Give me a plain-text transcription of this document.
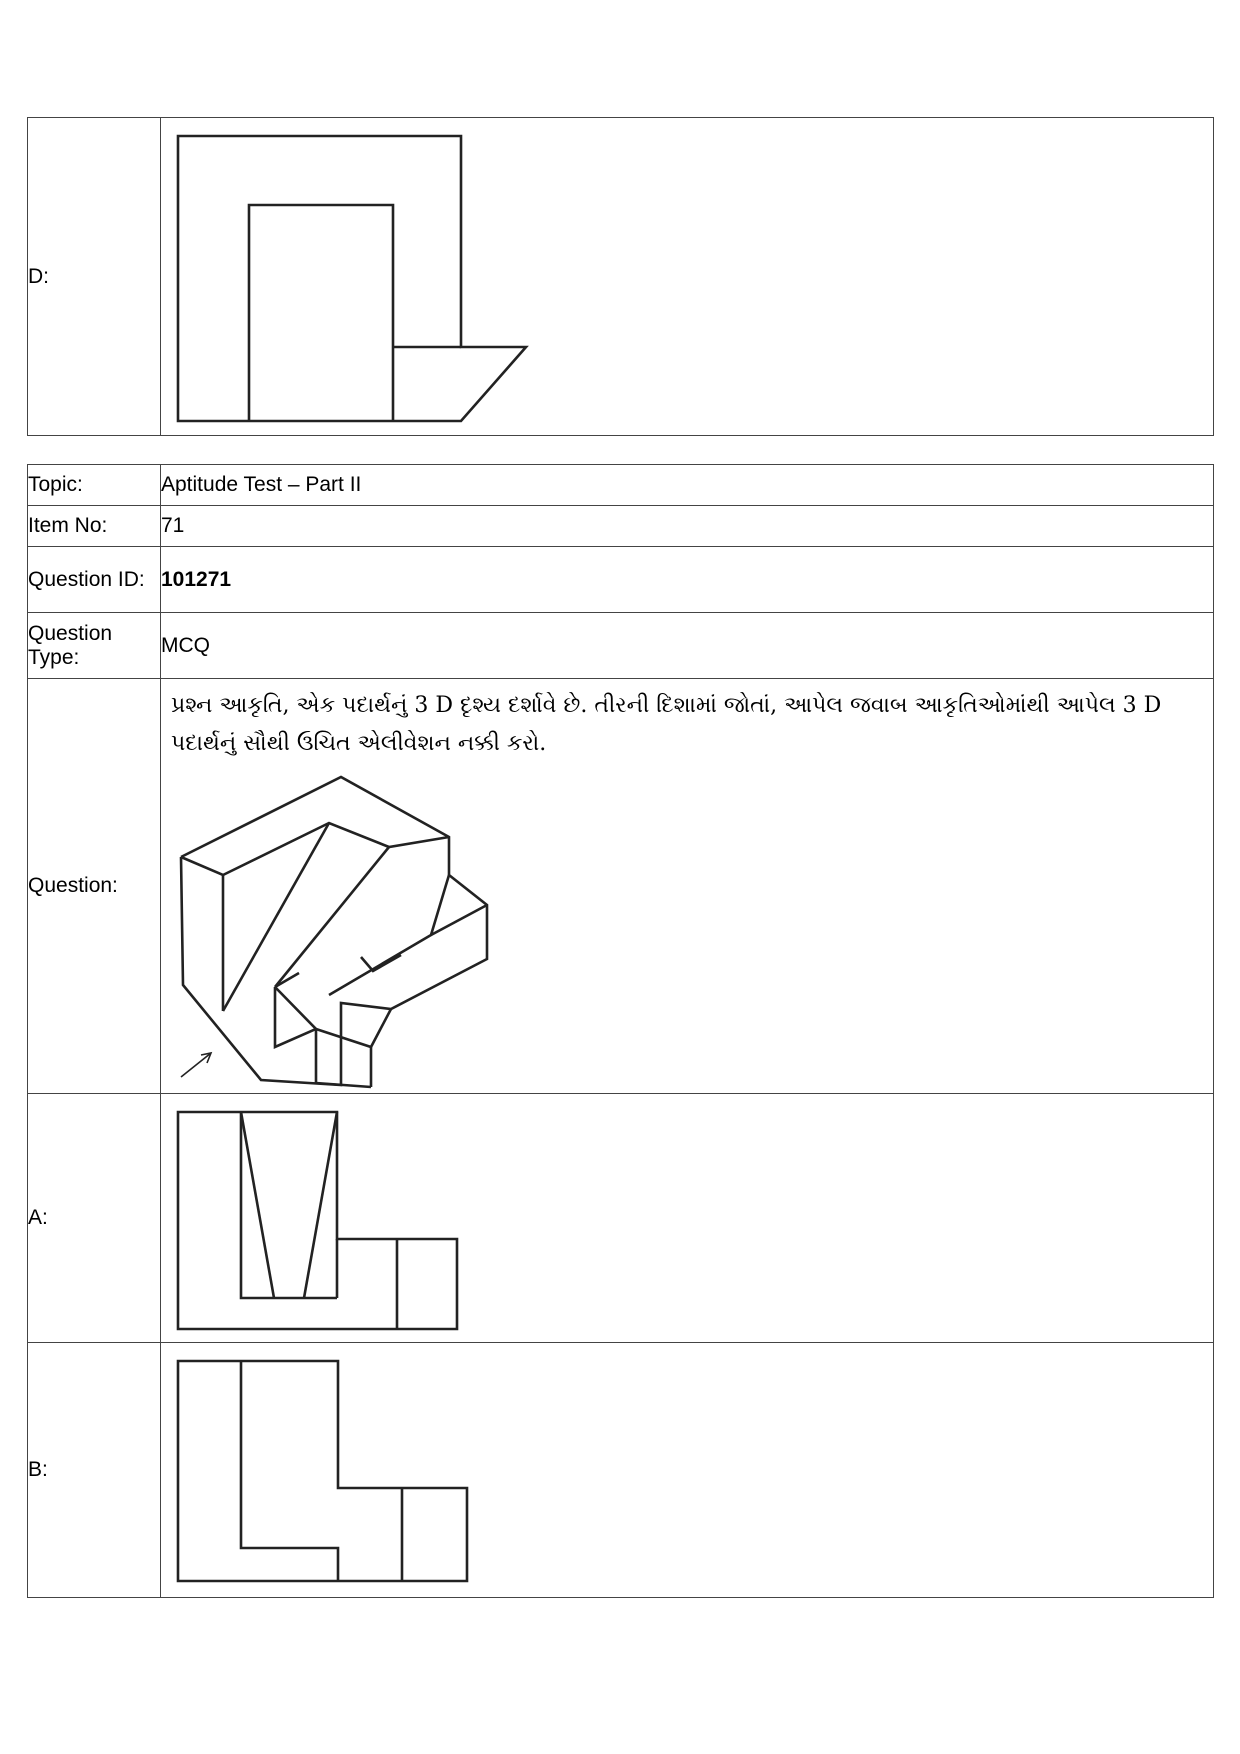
D:	
Topic:	Aptitude Test – Part II
Item No:	71
Question ID:	101271
Question Type:	MCQ
Question:	પ્રશ્ન આકૃતિ, એક પદાર્થનું 3 D દૃશ્ય દર્શાવે છે. તીરની દિશામાં જોતાં, આપેલ જવાબ આકૃતિઓમાંથી આપેલ 3 D પદાર્થનું સૌથી ઉચિત એલીવેશન નક્કી કરો.

A:	

B:	
